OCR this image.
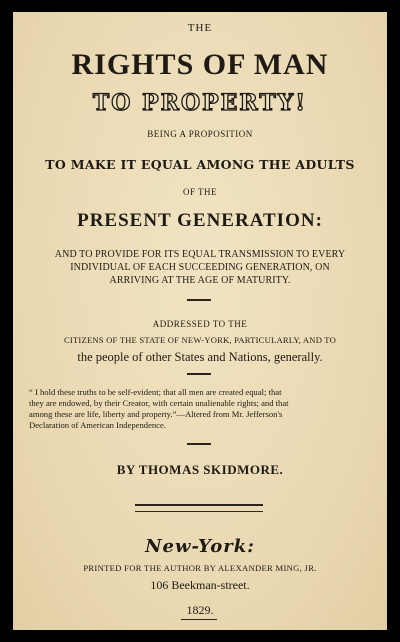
THE
RIGHTS OF MAN
TO PROPERTY!
BEING A PROPOSITION
TO MAKE IT EQUAL AMONG THE ADULTS
OF THE
PRESENT GENERATION:
AND TO PROVIDE FOR ITS EQUAL TRANSMISSION TO EVERY
INDIVIDUAL OF EACH SUCCEEDING GENERATION, ON
ARRIVING AT THE AGE OF MATURITY.
ADDRESSED TO THE
CITIZENS OF THE STATE OF NEW-YORK, PARTICULARLY, AND TO
the people of other States and Nations, generally.
“ I hold these truths to be self-evident; that all men are created equal; that
they are endowed, by their Creator, with certain unalienable rights; and that
among these are life, liberty and property.”—Altered from Mr. Jefferson's
Declaration of American Independence.
BY THOMAS SKIDMORE.
New-York:
PRINTED FOR THE AUTHOR BY ALEXANDER MING, JR.
106 Beekman-street.
1829.
